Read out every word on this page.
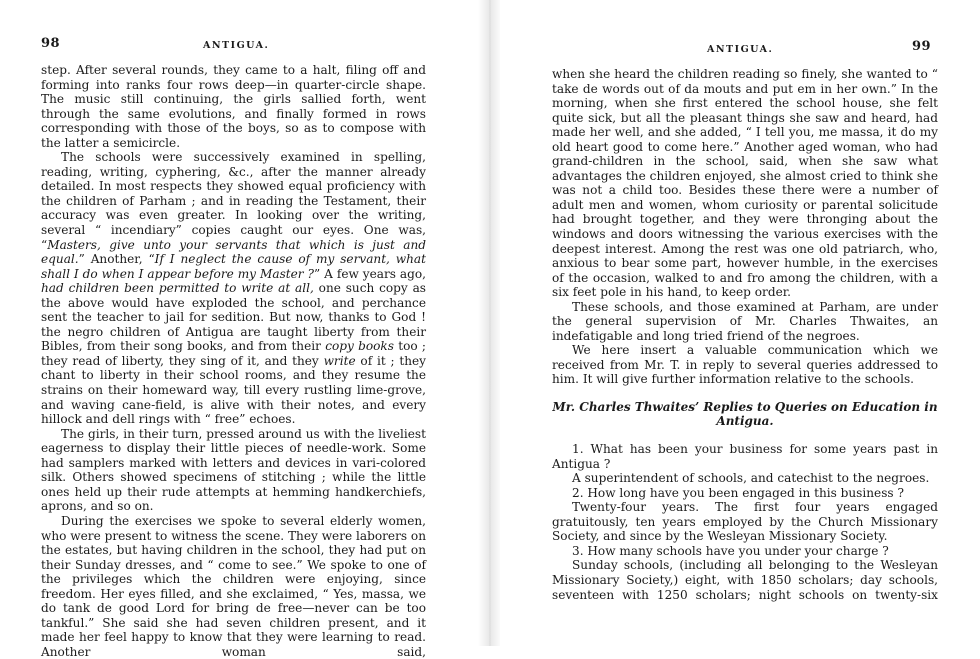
98	ANTIGUA.

step. After several rounds, they came to a halt, filing off and forming into ranks four rows deep—in quarter-circle shape. The music still continuing, the girls sallied forth, went through the same evolutions, and finally formed in rows corresponding with those of the boys, so as to compose with the latter a semicircle.

The schools were successively examined in spelling, reading, writing, cyphering, &c., after the manner already detailed. In most respects they showed equal proficiency with the children of Parham ; and in reading the Testament, their accuracy was even greater. In looking over the writing, several “ incendiary” copies caught our eyes. One was, “Masters, give unto your servants that which is just and equal.” Another, “If I neglect the cause of my servant, what shall I do when I appear before my Master ?” A few years ago, had children been permitted to write at all, one such copy as the above would have exploded the school, and perchance sent the teacher to jail for sedition. But now, thanks to God ! the negro children of Antigua are taught liberty from their Bibles, from their song books, and from their copy books too ; they read of liberty, they sing of it, and they write of it ; they chant to liberty in their school rooms, and they resume the strains on their homeward way, till every rustling lime-grove, and waving cane-field, is alive with their notes, and every hillock and dell rings with “ free” echoes.

The girls, in their turn, pressed around us with the liveliest eagerness to display their little pieces of needle-work. Some had samplers marked with letters and devices in vari-colored silk. Others showed specimens of stitching ; while the little ones held up their rude attempts at hemming handkerchiefs, aprons, and so on.

During the exercises we spoke to several elderly women, who were present to witness the scene. They were laborers on the estates, but having children in the school, they had put on their Sunday dresses, and “ come to see.” We spoke to one of the privileges which the children were enjoying, since freedom. Her eyes filled, and she exclaimed, “ Yes, massa, we do tank de good Lord for bring de free—never can be too tankful.” She said she had seven children present, and it made her feel happy to know that they were learning to read. Another woman said,

ANTIGUA.	99

when she heard the children reading so finely, she wanted to “ take de words out of da mouts and put em in her own.” In the morning, when she first entered the school house, she felt quite sick, but all the pleasant things she saw and heard, had made her well, and she added, “ I tell you, me massa, it do my old heart good to come here.” Another aged woman, who had grand-children in the school, said, when she saw what advantages the children enjoyed, she almost cried to think she was not a child too. Besides these there were a number of adult men and women, whom curiosity or parental solicitude had brought together, and they were thronging about the windows and doors witnessing the various exercises with the deepest interest. Among the rest was one old patriarch, who, anxious to bear some part, however humble, in the exercises of the occasion, walked to and fro among the children, with a six feet pole in his hand, to keep order.

These schools, and those examined at Parham, are under the general supervision of Mr. Charles Thwaites, an indefatigable and long tried friend of the negroes.

We here insert a valuable communication which we received from Mr. T. in reply to several queries addressed to him. It will give further information relative to the schools.

Mr. Charles Thwaites’ Replies to Queries on Education in Antigua.

1. What has been your business for some years past in Antigua ?

A superintendent of schools, and catechist to the negroes.

2. How long have you been engaged in this business ?

Twenty-four years. The first four years engaged gratuitously, ten years employed by the Church Missionary Society, and since by the Wesleyan Missionary Society.

3. How many schools have you under your charge ?

Sunday schools, (including all belonging to the Wesleyan Missionary Society,) eight, with 1850 scholars; day schools, seventeen with 1250 scholars; night schools on twenty-six
